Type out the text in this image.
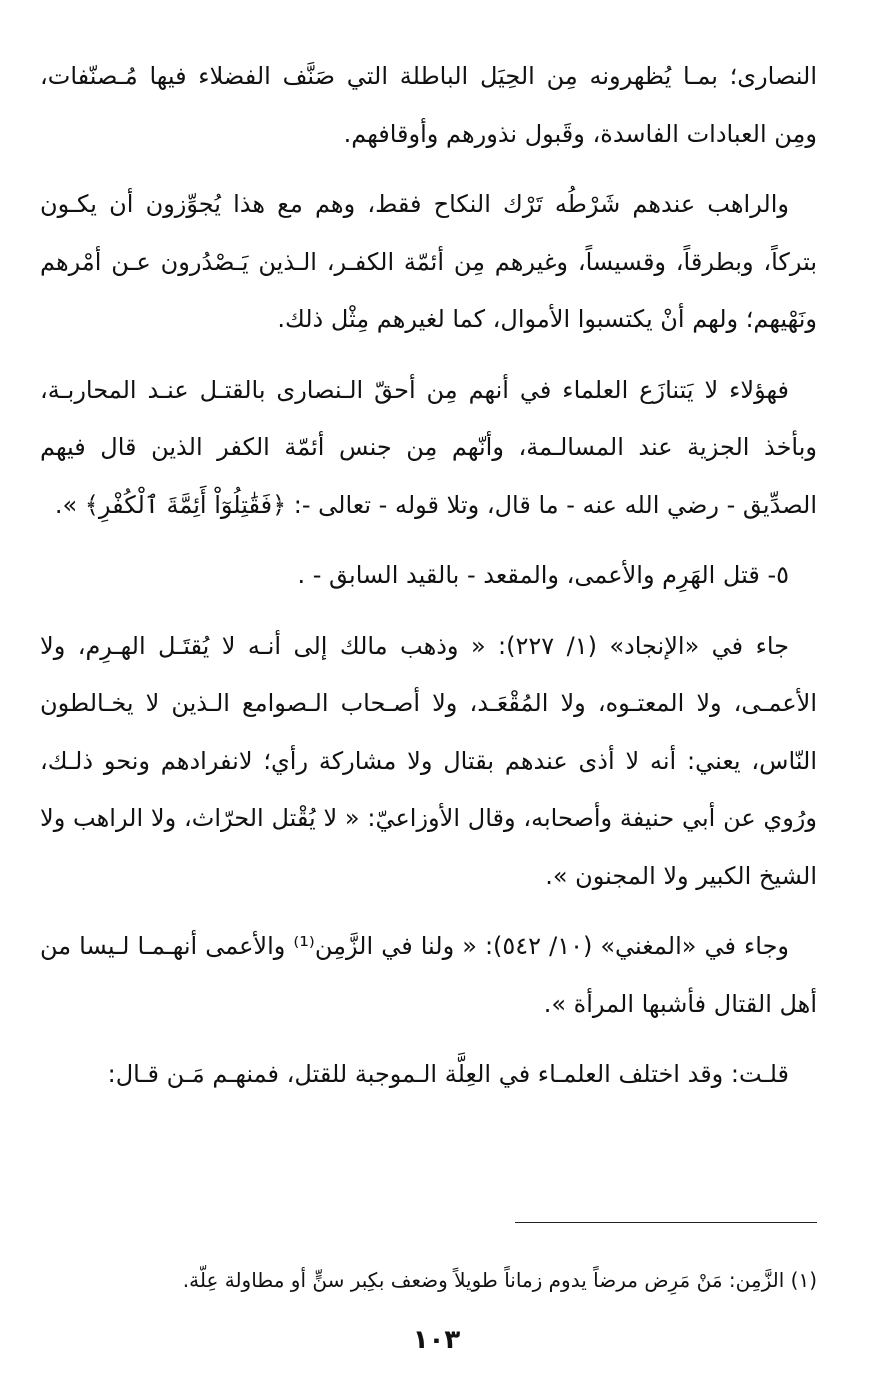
النصارى؛ بمـا يُظهرونه مِن الحِيَل الباطلة التي صَنَّف الفضلاء فيها مُـصنّفات، ومِن العبادات الفاسدة، وقَبول نذورهم وأوقافهم.

والراهب عندهم شَرْطُه تَرْك النكاح فقط، وهم مع هذا يُجوِّزون أن يكـون بتركاً، وبطرقاً، وقسيساً، وغيرهم مِن أئمّة الكفـر، الـذين يَـصْدُرون عـن أمْرهم ونَهْيهم؛ ولهم أنْ يكتسبوا الأموال، كما لغيرهم مِثْل ذلك.

فهؤلاء لا يَتنازَع العلماء في أنهم مِن أحقّ الـنصارى بالقتـل عنـد المحاربـة، وبأخذ الجزية عند المسالـمة، وأنّهم مِن جنس أئمّة الكفر الذين قال فيهم الصدِّيق - رضي الله عنه - ما قال، وتلا قوله - تعالى -: ﴿فَقَٰتِلُوٓاْ أَئِمَّةَ ٱلْكُفْرِ﴾ ».

٥- قتل الهَرِم والأعمى، والمقعد - بالقيد السابق - .

جاء في «الإنجاد» (١/ ٢٢٧): « وذهب مالك إلى أنـه لا يُقتَـل الهـرِم، ولا الأعمـى، ولا المعتـوه، ولا المُقْعَـد، ولا أصـحاب الـصوامع الـذين لا يخـالطون النّاس، يعني: أنه لا أذى عندهم بقتال ولا مشاركة رأي؛ لانفرادهم ونحو ذلـك، ورُوي عن أبي حنيفة وأصحابه، وقال الأوزاعيّ: « لا يُقْتل الحرّاث، ولا الراهب ولا الشيخ الكبير ولا المجنون ».

وجاء في «المغني» (١٠/ ٥٤٢): « ولنا في الزَّمِن⁽¹⁾ والأعمى أنهـمـا لـيسا من أهل القتال فأشبها المرأة ».

قلـت: وقد اختلف العلمـاء في العِلَّة الـموجبة للقتل، فمنهـم مَـن قـال:

(١) الزَّمِن: مَنْ مَرِض مرضاً يدوم زماناً طويلاً وضعف بكِبر سنٍّ أو مطاولة عِلّة.

١٠٣
